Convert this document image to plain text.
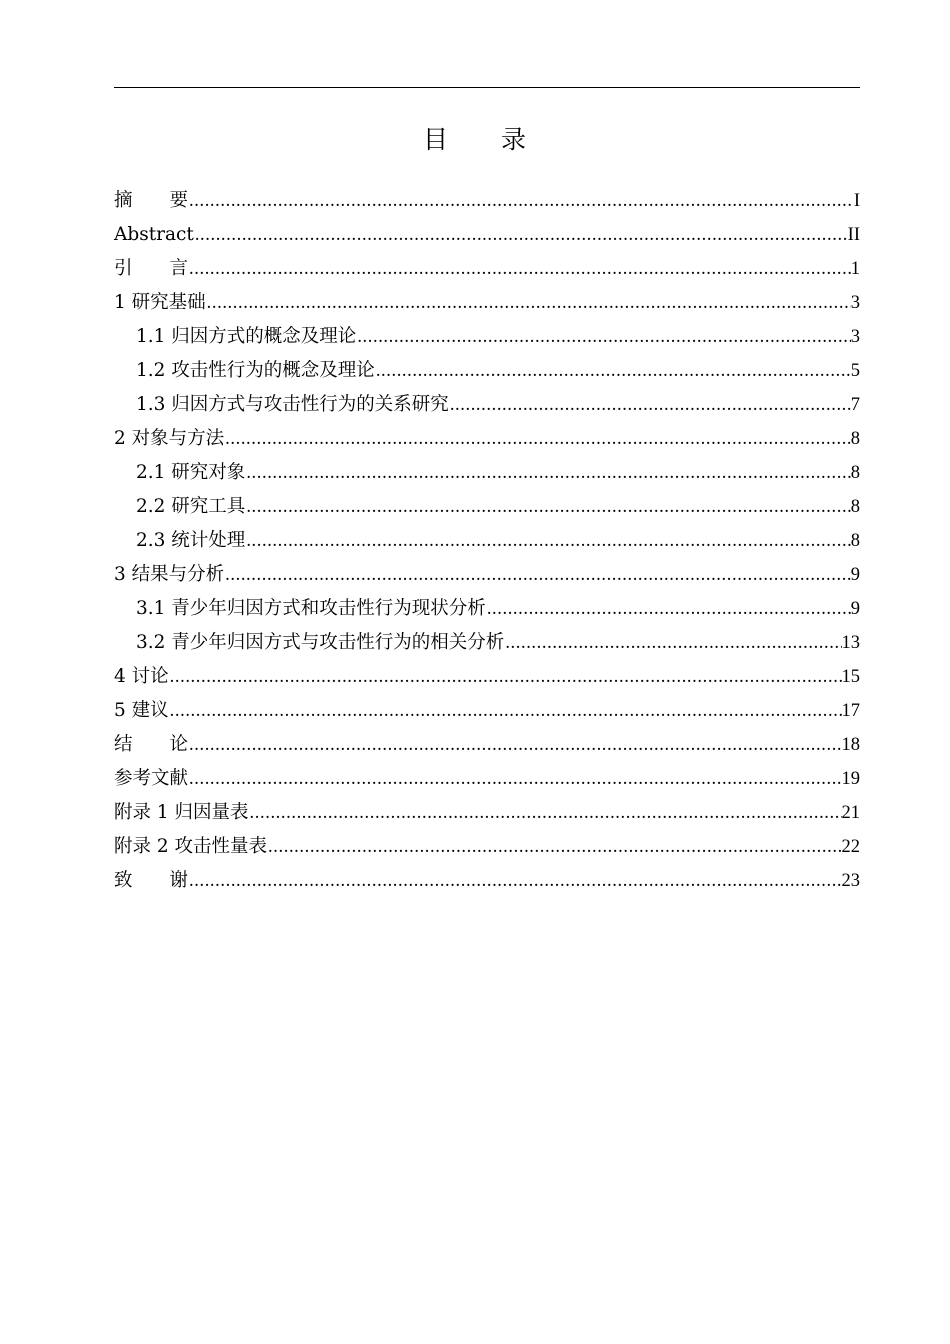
目　　录
摘　　要 .....	I
Abstract .....	II
引　　言 .....	1
1 研究基础 .....	3
1.1 归因方式的概念及理论 .....	3
1.2 攻击性行为的概念及理论 .....	5
1.3 归因方式与攻击性行为的关系研究 .....	7
2 对象与方法 .....	8
2.1 研究对象 .....	8
2.2 研究工具 .....	8
2.3 统计处理 .....	8
3 结果与分析 .....	9
3.1 青少年归因方式和攻击性行为现状分析 .....	9
3.2 青少年归因方式与攻击性行为的相关分析 .....	13
4 讨论 .....	15
5 建议 .....	17
结　　论 .....	18
参考文献 .....	19
附录 1 归因量表 .....	21
附录 2 攻击性量表 .....	22
致　　谢 .....	23
